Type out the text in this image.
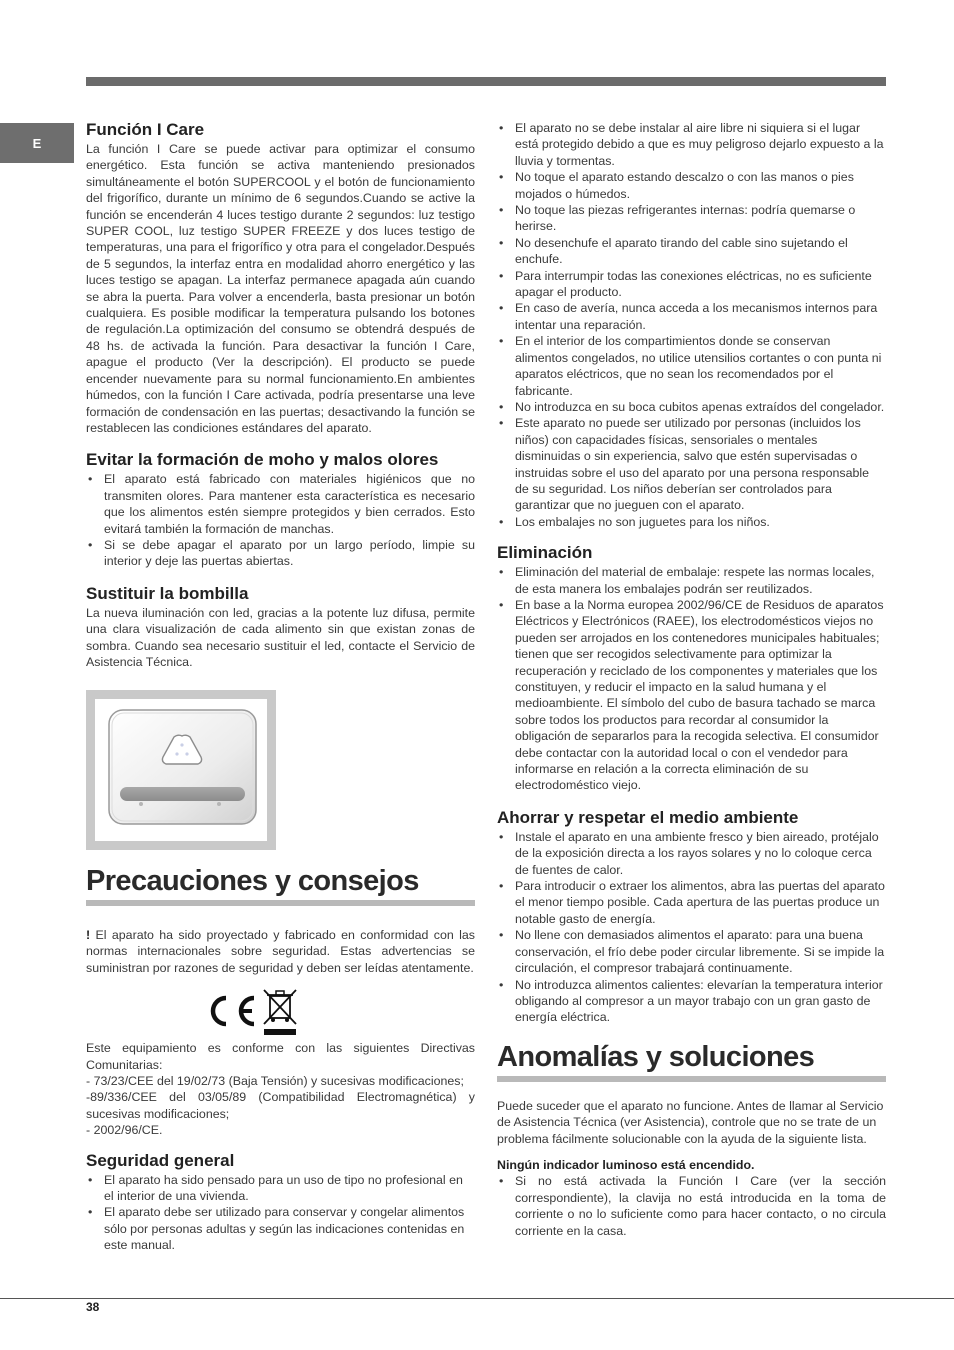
E
Función I Care

La función I Care se puede activar para optimizar el consumo energético. Esta función se activa manteniendo presionados simultáneamente el botón SUPERCOOL y el botón de funcionamiento del frigorífico, durante un mínimo de 6 segundos.Cuando se active la función se encenderán 4 luces testigo durante 2 segundos: luz testigo SUPER COOL, luz testigo SUPER FREEZE y dos luces testigo de temperaturas, una para el frigorífico y otra para el congelador.Después de 5 segundos, la interfaz entra en modalidad ahorro energético y las luces testigo se apagan. La interfaz permanece apagada aún cuando se abra la puerta. Para volver a encenderla, basta presionar un botón cualquiera. Es posible modificar la temperatura pulsando los botones de regulación.La optimización del consumo se obtendrá después de 48 hs. de activada la función. Para desactivar la función I Care, apague el producto (Ver la descripción). El producto se puede encender nuevamente para su normal funcionamiento.En ambientes húmedos, con la función I Care activada, podría presentarse una leve formación de condensación en las puertas; desactivando la función se restablecen las condiciones estándares del aparato.

Evitar la formación de moho y malos olores
• El aparato está fabricado con materiales higiénicos que no transmiten olores. Para mantener esta característica es necesario que los alimentos estén siempre protegidos y bien cerrados. Esto evitará también la formación de manchas.
• Si se debe apagar el aparato por un largo período, limpie su interior y deje las puertas abiertas.
Sustituir la bombilla

La nueva iluminación con led, gracias a la potente luz difusa, permite una clara visualización de cada alimento sin que existan zonas de sombra. Cuando sea necesario sustituir el led, contacte el Servicio de Asistencia Técnica.

Precauciones y consejos

! El aparato ha sido proyectado y fabricado en conformidad con las normas internacionales sobre seguridad. Estas advertencias se suministran por razones de seguridad y deben ser leídas atentamente.

Este equipamiento es conforme con las siguientes Directivas Comunitarias:

- 73/23/CEE del 19/02/73 (Baja Tensión) y sucesivas modificaciones;

-89/336/CEE del 03/05/89 (Compatibilidad Electromagnética) y sucesivas modificaciones;

- 2002/96/CE.

Seguridad general
• El aparato ha sido pensado para un uso de tipo no profesional en el interior de una vivienda.
• El aparato debe ser utilizado para conservar y congelar alimentos sólo por personas adultas y según las indicaciones contenidas en este manual.
• El aparato no se debe instalar al aire libre ni siquiera si el lugar está protegido debido a que es muy peligroso dejarlo expuesto a la lluvia y tormentas.
• No toque el aparato estando descalzo o con las manos o pies mojados o húmedos.
• No toque las piezas refrigerantes internas: podría quemarse o herirse.
• No desenchufe el aparato tirando del cable sino sujetando el enchufe.
• Para interrumpir todas las conexiones eléctricas, no es suficiente apagar el producto.
• En caso de avería, nunca acceda a los mecanismos internos para intentar una reparación.
• En el interior de los compartimientos donde se conservan alimentos congelados, no utilice utensilios cortantes o con punta ni aparatos eléctricos, que no sean los recomendados por el fabricante.
• No introduzca en su boca cubitos apenas extraídos del congelador.
• Este aparato no puede ser utilizado por personas (incluidos los niños) con capacidades físicas, sensoriales o mentales disminuidas o sin experiencia, salvo que estén supervisadas o instruidas sobre el uso del aparato por una persona responsable de su seguridad. Los niños deberían ser controlados para garantizar que no jueguen con el aparato.
• Los embalajes no son juguetes para los niños.
Eliminación
• Eliminación del material de embalaje: respete las normas locales, de esta manera los embalajes podrán ser reutilizados.
• En base a la Norma europea 2002/96/CE de Residuos de aparatos Eléctricos y Electrónicos (RAEE), los electrodomésticos viejos no pueden ser arrojados en los contenedores municipales habituales; tienen que ser recogidos selectivamente para optimizar la recuperación y reciclado de los componentes y materiales que los constituyen, y reducir el impacto en la salud humana y el medioambiente. El símbolo del cubo de basura tachado se marca sobre todos los productos para recordar al consumidor la obligación de separarlos para la recogida selectiva. El consumidor debe contactar con la autoridad local o con el vendedor para informarse en relación a la correcta eliminación de su electrodoméstico viejo.
Ahorrar y respetar el medio ambiente
• Instale el aparato en una ambiente fresco y bien aireado, protéjalo de la exposición directa a los rayos solares y no lo coloque cerca de fuentes de calor.
• Para introducir o extraer los alimentos, abra las puertas del aparato el menor tiempo posible. Cada apertura de las puertas produce un notable gasto de energía.
• No llene con demasiados alimentos el aparato: para una buena conservación, el frío debe poder circular libremente. Si se impide la circulación, el compresor trabajará continuamente.
• No introduzca alimentos calientes: elevarían la temperatura interior obligando al compresor a un mayor trabajo con un gran gasto de energía eléctrica.
Anomalías y soluciones

Puede suceder que el aparato no funcione. Antes de llamar al Servicio de Asistencia Técnica (ver Asistencia), controle que no se trate de un problema fácilmente solucionable con la ayuda de la siguiente lista.

Ningún indicador luminoso está encendido.

• Si no está activada la Función I Care (ver la sección correspondiente), la clavija no está introducida en la toma de corriente o no lo suficiente como para hacer contacto, o no circula corriente en la casa.
38
